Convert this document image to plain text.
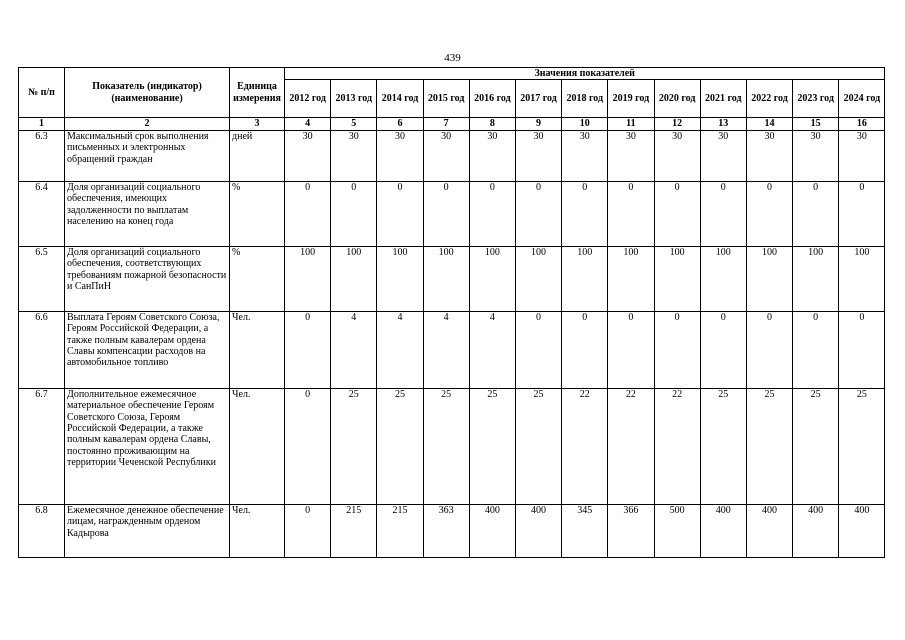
439
№ п/п	Показатель (индикатор) (наименование)	Единица измерения	Значения показателей												
			2012 год	2013 год	2014 год	2015 год	2016 год	2017 год	2018 год	2019 год	2020 год	2021 год	2022 год	2023 год	2024 год
1	2	3	4	5	6	7	8	9	10	11	12	13	14	15	16
6.3	Максимальный срок выполнения письменных и электронных обращений граждан	дней	30	30	30	30	30	30	30	30	30	30	30	30	30
6.4	Доля организаций социального обеспечения, имеющих задолженности по выплатам населению на конец года	%	0	0	0	0	0	0	0	0	0	0	0	0	0
6.5	Доля организаций социального обеспечения, соответствующих требованиям пожарной безопасности и СанПиН	%	100	100	100	100	100	100	100	100	100	100	100	100	100
6.6	Выплата Героям Советского Союза, Героям Российской Федерации, а также полным кавалерам ордена Славы компенсации расходов на автомобильное топливо	Чел.	0	4	4	4	4	0	0	0	0	0	0	0	0
6.7	Дополнительное ежемесячное материальное обеспечение Героям Советского Союза, Героям Российской Федерации, а также полным кавалерам ордена Славы, постоянно проживающим на территории Чеченской Республики	Чел.	0	25	25	25	25	25	22	22	22	25	25	25	25
6.8	Ежемесячное денежное обеспечение лицам, награжденным орденом Кадырова	Чел.	0	215	215	363	400	400	345	366	500	400	400	400	400
